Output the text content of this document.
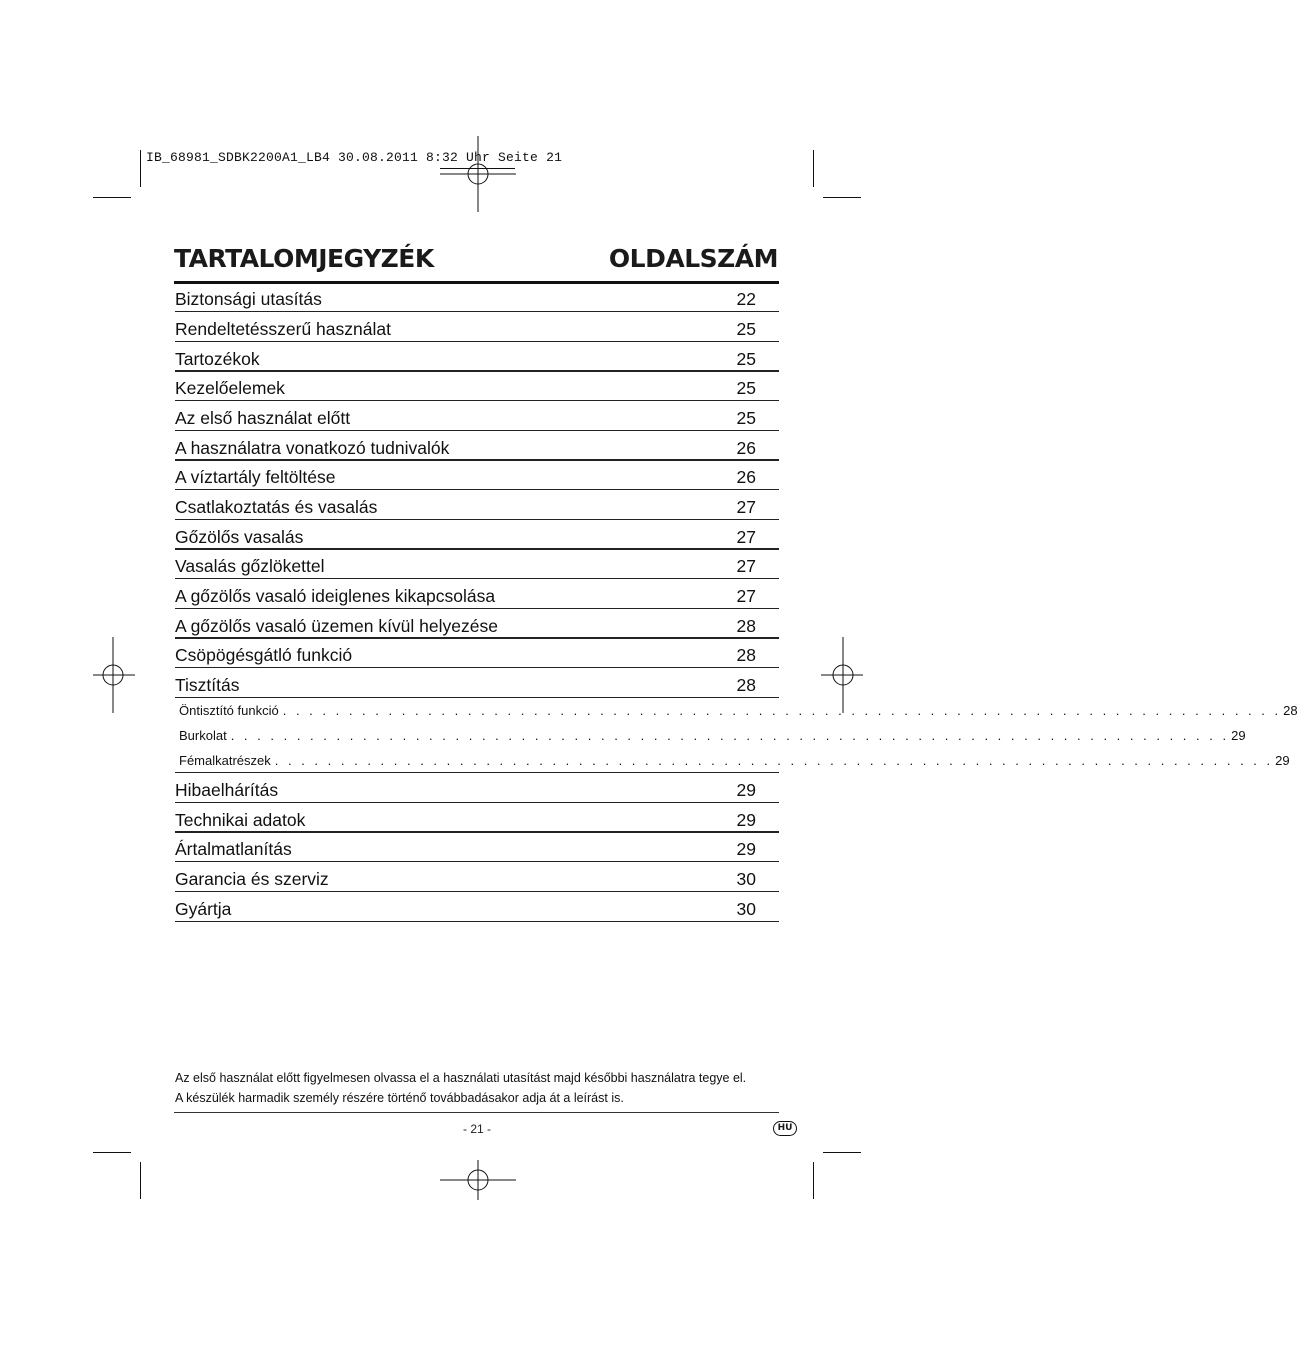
IB_68981_SDBK2200A1_LB4 30.08.2011 8:32 Uhr Seite 21
TARTALOMJEGYZÉK	OLDALSZÁM
Biztonsági utasítás	22
Rendeltetésszerű használat	25
Tartozékok	25
Kezelőelemek	25
Az első használat előtt	25
A használatra vonatkozó tudnivalók	26
A víztartály feltöltése	26
Csatlakoztatás és vasalás	27
Gőzölős vasalás	27
Vasalás gőzlökettel	27
A gőzölős vasaló ideiglenes kikapcsolása	27
A gőzölős vasaló üzemen kívül helyezése	28
Csöpögésgátló funkció	28
Tisztítás	28
Öntisztító funkció . . . . . . . . . . . . . . . . . . . . . . . . . . . . . . . . . . . . . . . . . . . . . . . . . . . . . . . . . . . . . . . . . . . . . . . . . . . . 28
Burkolat . . . . . . . . . . . . . . . . . . . . . . . . . . . . . . . . . . . . . . . . . . . . . . . . . . . . . . . . . . . . . . . . . . . . . . . . . . . . 29
Fémalkatrészek . . . . . . . . . . . . . . . . . . . . . . . . . . . . . . . . . . . . . . . . . . . . . . . . . . . . . . . . . . . . . . . . . . . . . . . . . . . . 29
Hibaelhárítás	29
Technikai adatok	29
Ártalmatlanítás	29
Garancia és szerviz	30
Gyártja	30
Az első használat előtt figyelmesen olvassa el a használati utasítást majd későbbi használatra tegye el.
A készülék harmadik személy részére történő továbbadásakor adja át a leírást is.
- 21 -	HU
